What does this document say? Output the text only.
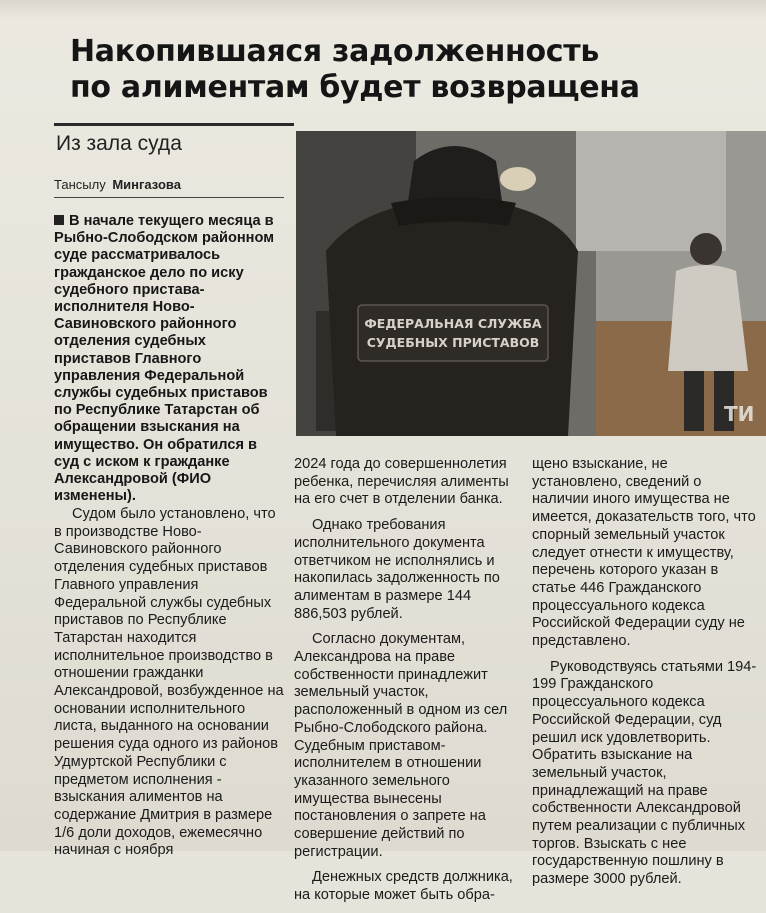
Накопившаяся задолженность
по алиментам будет возвращена
Из зала суда
Тансылу Мингазова
ФЕДЕРАЛЬНАЯ СЛУЖБА
СУДЕБНЫХ ПРИСТАВОВ
ТИ
В начале текущего месяца в Рыбно-Слободском районном суде рассматривалось гражданское дело по иску судебного пристава-исполнителя Ново-Савиновского районного отделения судебных приставов Главного управления Федеральной службы судебных приставов по Республике Татарстан об обращении взыскания на имущество. Он обратился в суд с иском к гражданке Александровой (ФИО изменены).

Судом было установлено, что в производстве Ново-Савиновского районного отделения судебных приставов Главного управления Федеральной службы судебных приставов по Республике Татарстан находится исполнительное производство в отношении гражданки Александровой, возбужденное на основании исполнительного листа, выданного на основании решения суда одного из районов Удмуртской Республики с предметом исполнения - взыскания алиментов на содержание Дмитрия в размере 1/6 доли доходов, ежемесячно начиная с ноября

2024 года до совершеннолетия ребенка, перечисляя алименты на его счет в отделении банка.

Однако требования исполнительного документа ответчиком не исполнялись и накопилась задолженность по алиментам в размере 144 886,503 рублей.

Согласно документам, Александрова на праве собственности принадлежит земельный участок, расположенный в одном из сел Рыбно-Слободского района. Судебным приставом-исполнителем в отношении указанного земельного имущества вынесены постановления о запрете на совершение действий по регистрации.

Денежных средств должника, на которые может быть обра-

щено взыскание, не установлено, сведений о наличии иного имущества не имеется, доказательств того, что спорный земельный участок следует отнести к имуществу, перечень которого указан в статье 446 Гражданского процессуального кодекса Российской Федерации суду не представлено.

Руководствуясь статьями 194-199 Гражданского процессуального кодекса Российской Федерации, суд решил иск удовлетворить. Обратить взыскание на земельный участок, принадлежащий на праве собственности Александровой путем реализации с публичных торгов. Взыскать с нее государственную пошлину в размере 3000 рублей.
